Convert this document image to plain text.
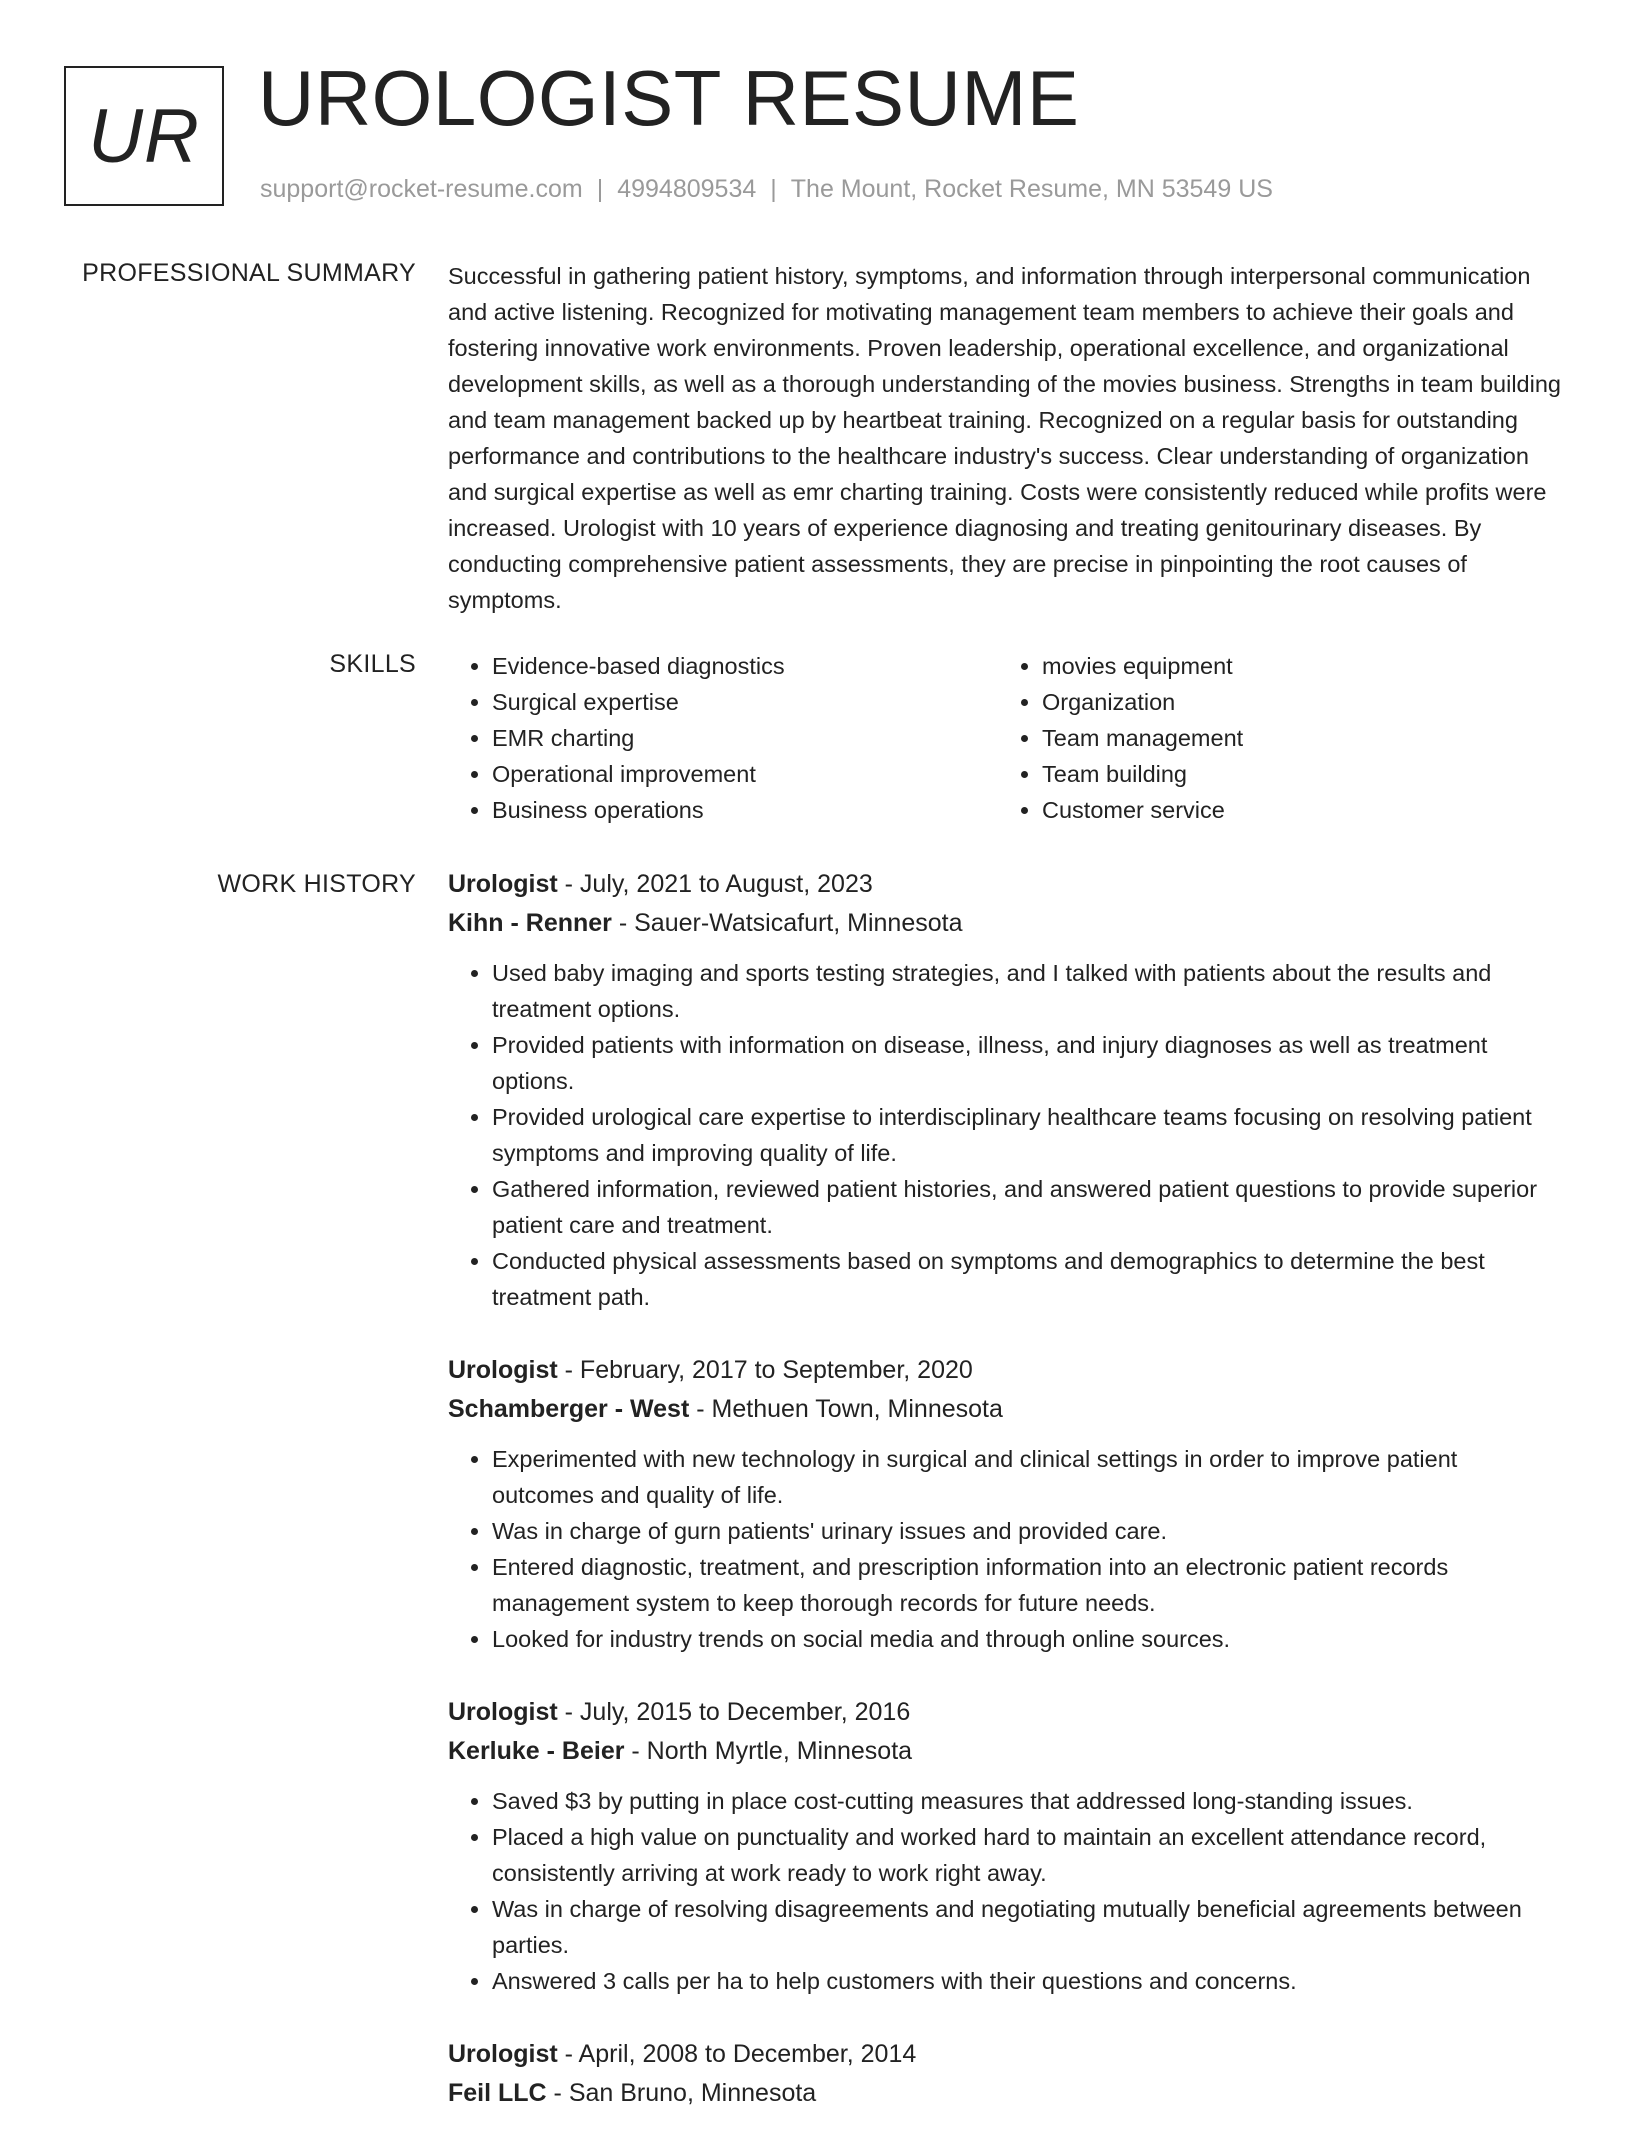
UR UROLOGIST RESUME
support@rocket-resume.com | 4994809534 | The Mount, Rocket Resume, MN 53549 US
PROFESSIONAL SUMMARY Successful in gathering patient history, symptoms, and information through interpersonal communication and active listening. Recognized for motivating management team members to achieve their goals and fostering innovative work environments. Proven leadership, operational excellence, and organizational development skills, as well as a thorough understanding of the movies business. Strengths in team building and team management backed up by heartbeat training. Recognized on a regular basis for outstanding performance and contributions to the healthcare industry's success. Clear understanding of organization and surgical expertise as well as emr charting training. Costs were consistently reduced while profits were increased. Urologist with 10 years of experience diagnosing and treating genitourinary diseases. By conducting comprehensive patient assessments, they are precise in pinpointing the root causes of symptoms.

SKILLS
•	Evidence-based diagnostics
• Surgical expertise
• EMR charting
• Operational improvement
• Business operations
• movies equipment
• Organization
• Team management
• Team building
• Customer service
WORK HISTORY Urologist - July, 2021 to August, 2023
Kihn - Renner - Sauer-Watsicafurt, Minnesota
• Used baby imaging and sports testing strategies, and I talked with patients about the results and treatment options.
• Provided patients with information on disease, illness, and injury diagnoses as well as treatment options.
• Provided urological care expertise to interdisciplinary healthcare teams focusing on resolving patient symptoms and improving quality of life.
• Gathered information, reviewed patient histories, and answered patient questions to provide superior patient care and treatment.
• Conducted physical assessments based on symptoms and demographics to determine the best treatment path.
Urologist - February, 2017 to September, 2020
Schamberger - West - Methuen Town, Minnesota
• Experimented with new technology in surgical and clinical settings in order to improve patient outcomes and quality of life.
• Was in charge of gurn patients' urinary issues and provided care.
• Entered diagnostic, treatment, and prescription information into an electronic patient records management system to keep thorough records for future needs.
• Looked for industry trends on social media and through online sources.
Urologist - July, 2015 to December, 2016
Kerluke - Beier - North Myrtle, Minnesota
• Saved $3 by putting in place cost-cutting measures that addressed long-standing issues.
• Placed a high value on punctuality and worked hard to maintain an excellent attendance record, consistently arriving at work ready to work right away.
• Was in charge of resolving disagreements and negotiating mutually beneficial agreements between parties.
• Answered 3 calls per ha to help customers with their questions and concerns.
Urologist - April, 2008 to December, 2014
Feil LLC - San Bruno, Minnesota
